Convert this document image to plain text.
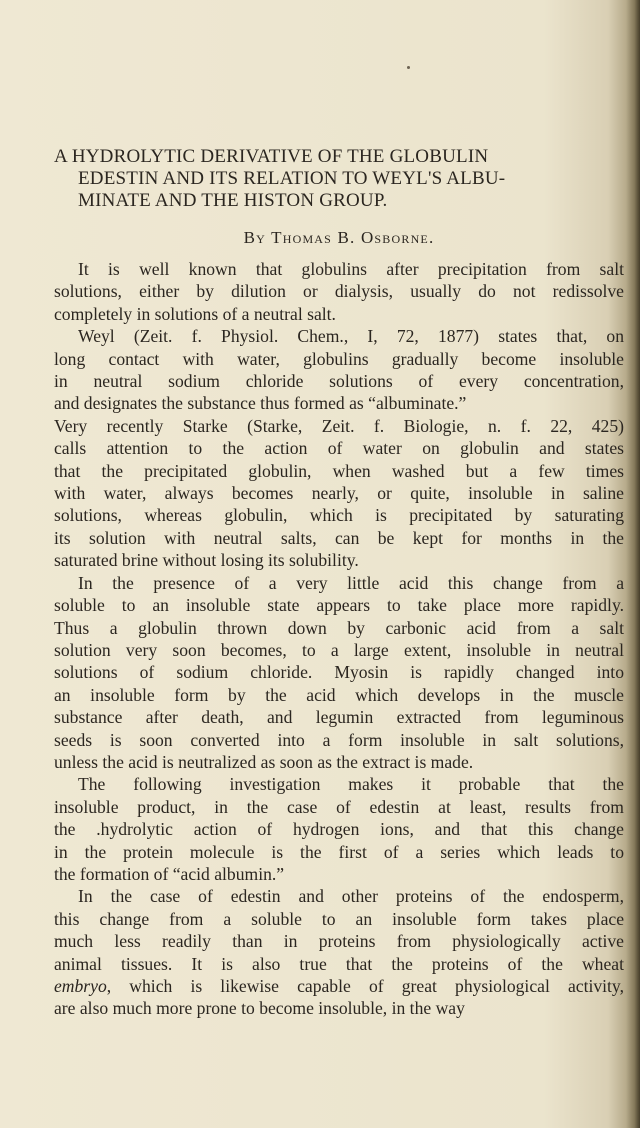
A HYDROLYTIC DERIVATIVE OF THE GLOBULIN
EDESTIN AND ITS RELATION TO WEYL'S ALBU-
MINATE AND THE HISTON GROUP.
By Thomas B. Osborne.
It is well known that globulins after precipitation from salt
solutions, either by dilution or dialysis, usually do not redissolve
completely in solutions of a neutral salt.
Weyl (Zeit. f. Physiol. Chem., I, 72, 1877) states that, on
long contact with water, globulins gradually become insoluble
in neutral sodium chloride solutions of every concentration,
and designates the substance thus formed as “albuminate.”
Very recently Starke (Starke, Zeit. f. Biologie, n. f. 22, 425)
calls attention to the action of water on globulin and states
that the precipitated globulin, when washed but a few times
with water, always becomes nearly, or quite, insoluble in saline
solutions, whereas globulin, which is precipitated by saturating
its solution with neutral salts, can be kept for months in the
saturated brine without losing its solubility.
In the presence of a very little acid this change from a
soluble to an insoluble state appears to take place more rapidly.
Thus a globulin thrown down by carbonic acid from a salt
solution very soon becomes, to a large extent, insoluble in neutral
solutions of sodium chloride. Myosin is rapidly changed into
an insoluble form by the acid which develops in the muscle
substance after death, and legumin extracted from leguminous
seeds is soon converted into a form insoluble in salt solutions,
unless the acid is neutralized as soon as the extract is made.
The following investigation makes it probable that the
insoluble product, in the case of edestin at least, results from
the .hydrolytic action of hydrogen ions, and that this change
in the protein molecule is the first of a series which leads to
the formation of “acid albumin.”
In the case of edestin and other proteins of the endosperm,
this change from a soluble to an insoluble form takes place
much less readily than in proteins from physiologically active
animal tissues. It is also true that the proteins of the wheat
embryo, which is likewise capable of great physiological activity,
are also much more prone to become insoluble, in the way
